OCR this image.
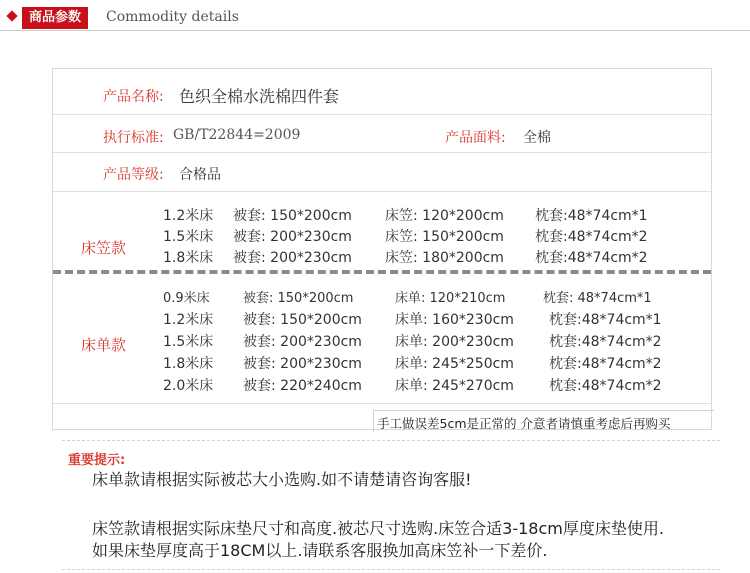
商品参数	Commodity details
产品名称: 色织全棉水洗棉四件套
执行标准: GB/T22844=2009	产品面料: 全棉
产品等级: 合格品
床笠款
1.2米床 被套: 150*200cm 床笠: 120*200cm 枕套:48*74cm*1
1.5米床 被套: 200*230cm 床笠: 150*200cm 枕套:48*74cm*2
1.8米床 被套: 200*230cm 床笠: 180*200cm 枕套:48*74cm*2
床单款
0.9米床	被套: 150*200cm	床单: 120*210cm	枕套: 48*74cm*1
1.2米床 被套: 150*200cm 床单: 160*230cm	枕套:48*74cm*1
1.5米床 被套: 200*230cm 床单: 200*230cm	枕套:48*74cm*2
1.8米床 被套: 200*230cm 床单: 245*250cm	枕套:48*74cm*2
2.0米床 被套: 220*240cm 床单: 245*270cm	枕套:48*74cm*2
手工做误差5cm是正常的 介意者请慎重考虑后再购买
重要提示:
床单款请根据实际被芯大小选购.如不请楚请咨询客服!
床笠款请根据实际床垫尺寸和高度.被芯尺寸选购.床笠合适3-18cm厚度床垫使用.
如果床垫厚度高于18CM以上.请联系客服换加高床笠补一下差价.
